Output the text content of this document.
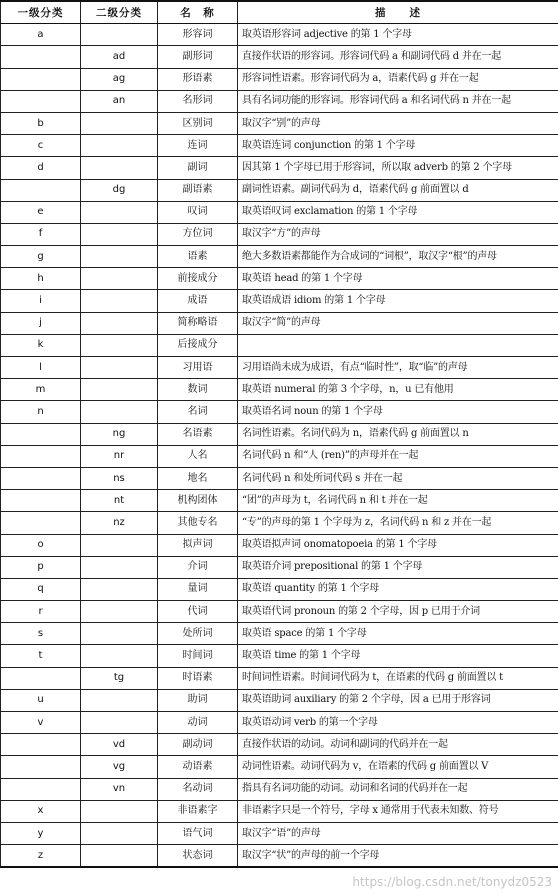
一级分类	二级分类	名　称	描　　述
a		形容词	取英语形容词 adjective 的第 1 个字母
	ad	副形词	直接作状语的形容词。形容词代码 a 和副词代码 d 并在一起
	ag	形语素	形容词性语素。形容词代码为 a，语素代码 g 并在一起
	an	名形词	具有名词功能的形容词。形容词代码 a 和名词代码 n 并在一起
b		区别词	取汉字“别”的声母
c		连词	取英语连词 conjunction 的第 1 个字母
d		副词	因其第 1 个字母已用于形容词，所以取 adverb 的第 2 个字母
	dg	副语素	副词性语素。副词代码为 d，语素代码 g 前面置以 d
e		叹词	取英语叹词 exclamation 的第 1 个字母
f		方位词	取汉字“方”的声母
g		语素	绝大多数语素都能作为合成词的“词根”，取汉字“根”的声母
h		前接成分	取英语 head 的第 1 个字母
i		成语	取英语成语 idiom 的第 1 个字母
j		简称略语	取汉字“简”的声母
k		后接成分	
l		习用语	习用语尚未成为成语，有点“临时性”，取“临”的声母
m		数词	取英语 numeral 的第 3 个字母，n，u 已有他用
n		名词	取英语名词 noun 的第 1 个字母
	ng	名语素	名词性语素。名词代码为 n，语素代码 g 前面置以 n
	nr	人名	名词代码 n 和“人 (ren)”的声母并在一起
	ns	地名	名词代码 n 和处所词代码 s 并在一起
	nt	机构团体	“团”的声母为 t，名词代码 n 和 t 并在一起
	nz	其他专名	“专”的声母的第 1 个字母为 z，名词代码 n 和 z 并在一起
o		拟声词	取英语拟声词 onomatopoeia 的第 1 个字母
p		介词	取英语介词 prepositional 的第 1 个字母
q		量词	取英语 quantity 的第 1 个字母
r		代词	取英语代词 pronoun 的第 2 个字母，因 p 已用于介词
s		处所词	取英语 space 的第 1 个字母
t		时间词	取英语 time 的第 1 个字母
	tg	时语素	时间词性语素。时间词代码为 t，在语素的代码 g 前面置以 t
u		助词	取英语助词 auxiliary 的第 2 个字母，因 a 已用于形容词
v		动词	取英语动词 verb 的第一个字母
	vd	副动词	直接作状语的动词。动词和副词的代码并在一起
	vg	动语素	动词性语素。动词代码为 v，在语素的代码 g 前面置以 V
	vn	名动词	指具有名词功能的动词。动词和名词的代码并在一起
x		非语素字	非语素字只是一个符号，字母 x 通常用于代表未知数、符号
y		语气词	取汉字“语”的声母
z		状态词	取汉字“状”的声母的前一个字母
https://blog.csdn.net/tonydz0523
